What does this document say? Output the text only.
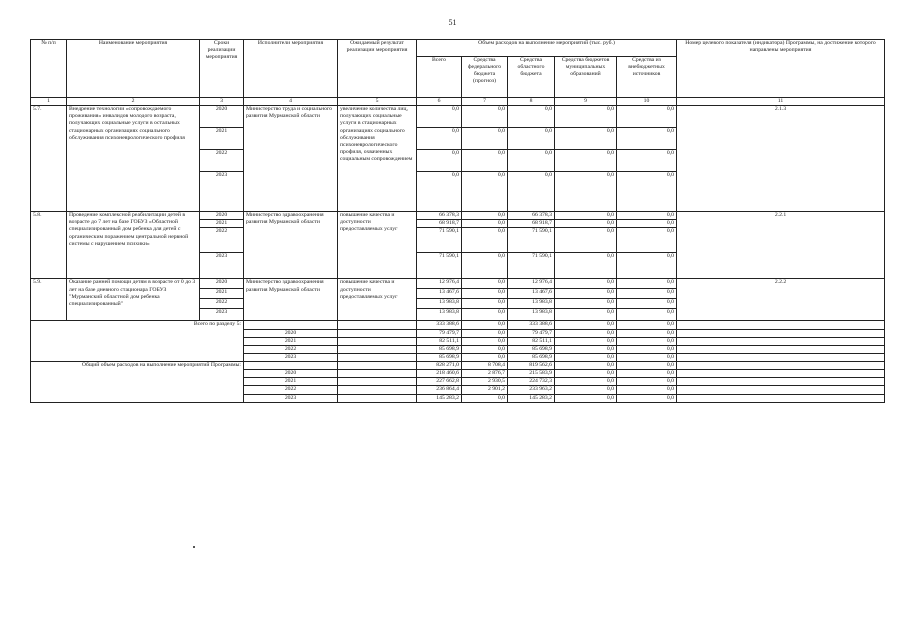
51
№ п/п	Наименование мероприятия	Сроки реализации мероприятия	Исполнители мероприятия	Ожидаемый результат реализации мероприятия	Объем расходов на выполнение мероприятий (тыс. руб.)					Номер целевого показателя (индикатора) Программы, на достижение которого направлены мероприятия
					Всего	Средства федерального бюджета (прогноз)	Средства областного бюджета	Средства бюджетов муниципальных образований	Средства из внебюджетных источников	
1	2	3	4	5	6	7	8	9	10	11
5.7.	Внедрение технологии «сопровождаемого проживания» инвалидов молодого возраста, получающих социальные услуги в остальных стационарных организациях социального обслуживания психоневрологического профиля	2020	Министерство труда и социального развития Мурманской области	увеличение количества лиц, получающих социальные услуги в стационарных организациях социального обслуживания психоневрологического профиля, охваченных социальным сопровождением	0,0	0,0	0,0	0,0	0,0	2.1.3
		2021			0,0	0,0	0,0	0,0	0,0	
		2022			0,0	0,0	0,0	0,0	0,0	
		2023			0,0	0,0	0,0	0,0	0,0	
5.8.	Проведение комплексной реабилитации детей в возрасте до 7 лет на базе ГОБУЗ «Областной специализированный дом ребенка для детей с органическим поражением центральной нервной системы с нарушением психики»	2020	Министерство здравоохранения развития Мурманской области	повышение качества и доступности предоставляемых услуг	66 378,3	0,0	66 378,3	0,0	0,0	2.2.1
		2021			68 918,7	0,0	68 918,7	0,0	0,0	
		2022			71 590,1	0,0	71 590,1	0,0	0,0	
		2023			71 590,1	0,0	71 590,1	0,0	0,0	
5.9.	Оказание ранней помощи детям в возрасте от 0 до 3 лет на базе дневного стационара ГОБУЗ "Мурманский областной дом ребенка специализированный"	2020	Министерство здравоохранения развития Мурманской области	повышение качества и доступности предоставляемых услуг	12 976,4	0,0	12 976,4	0,0	0,0	2.2.2
		2021			13 467,6	0,0	13 467,6	0,0	0,0	
		2022			13 983,8	0,0	13 983,8	0,0	0,0	
		2023			13 983,8	0,0	13 983,8	0,0	0,0	
Всего по разделу 5:					333 388,6	0,0	333 388,6	0,0	0,0	
			2020		79 479,7	0,0	79 479,7	0,0	0,0	
			2021		82 511,1	0,0	82 511,1	0,0	0,0	
			2022		85 698,9	0,0	85 698,9	0,0	0,0	
			2023		85 698,9	0,0	85 698,9	0,0	0,0	
Общий объем расходов на выполнение мероприятий Программы:					828 271,0	8 708,4	819 562,6	0,0	0,0	
			2020		218 460,6	2 876,7	215 583,9	0,0	0,0	
			2021		227 662,8	2 930,5	224 732,3	0,0	0,0	
			2022		236 864,4	2 901,2	233 963,2	0,0	0,0	
			2023		145 283,2	0,0	145 283,2	0,0	0,0	
